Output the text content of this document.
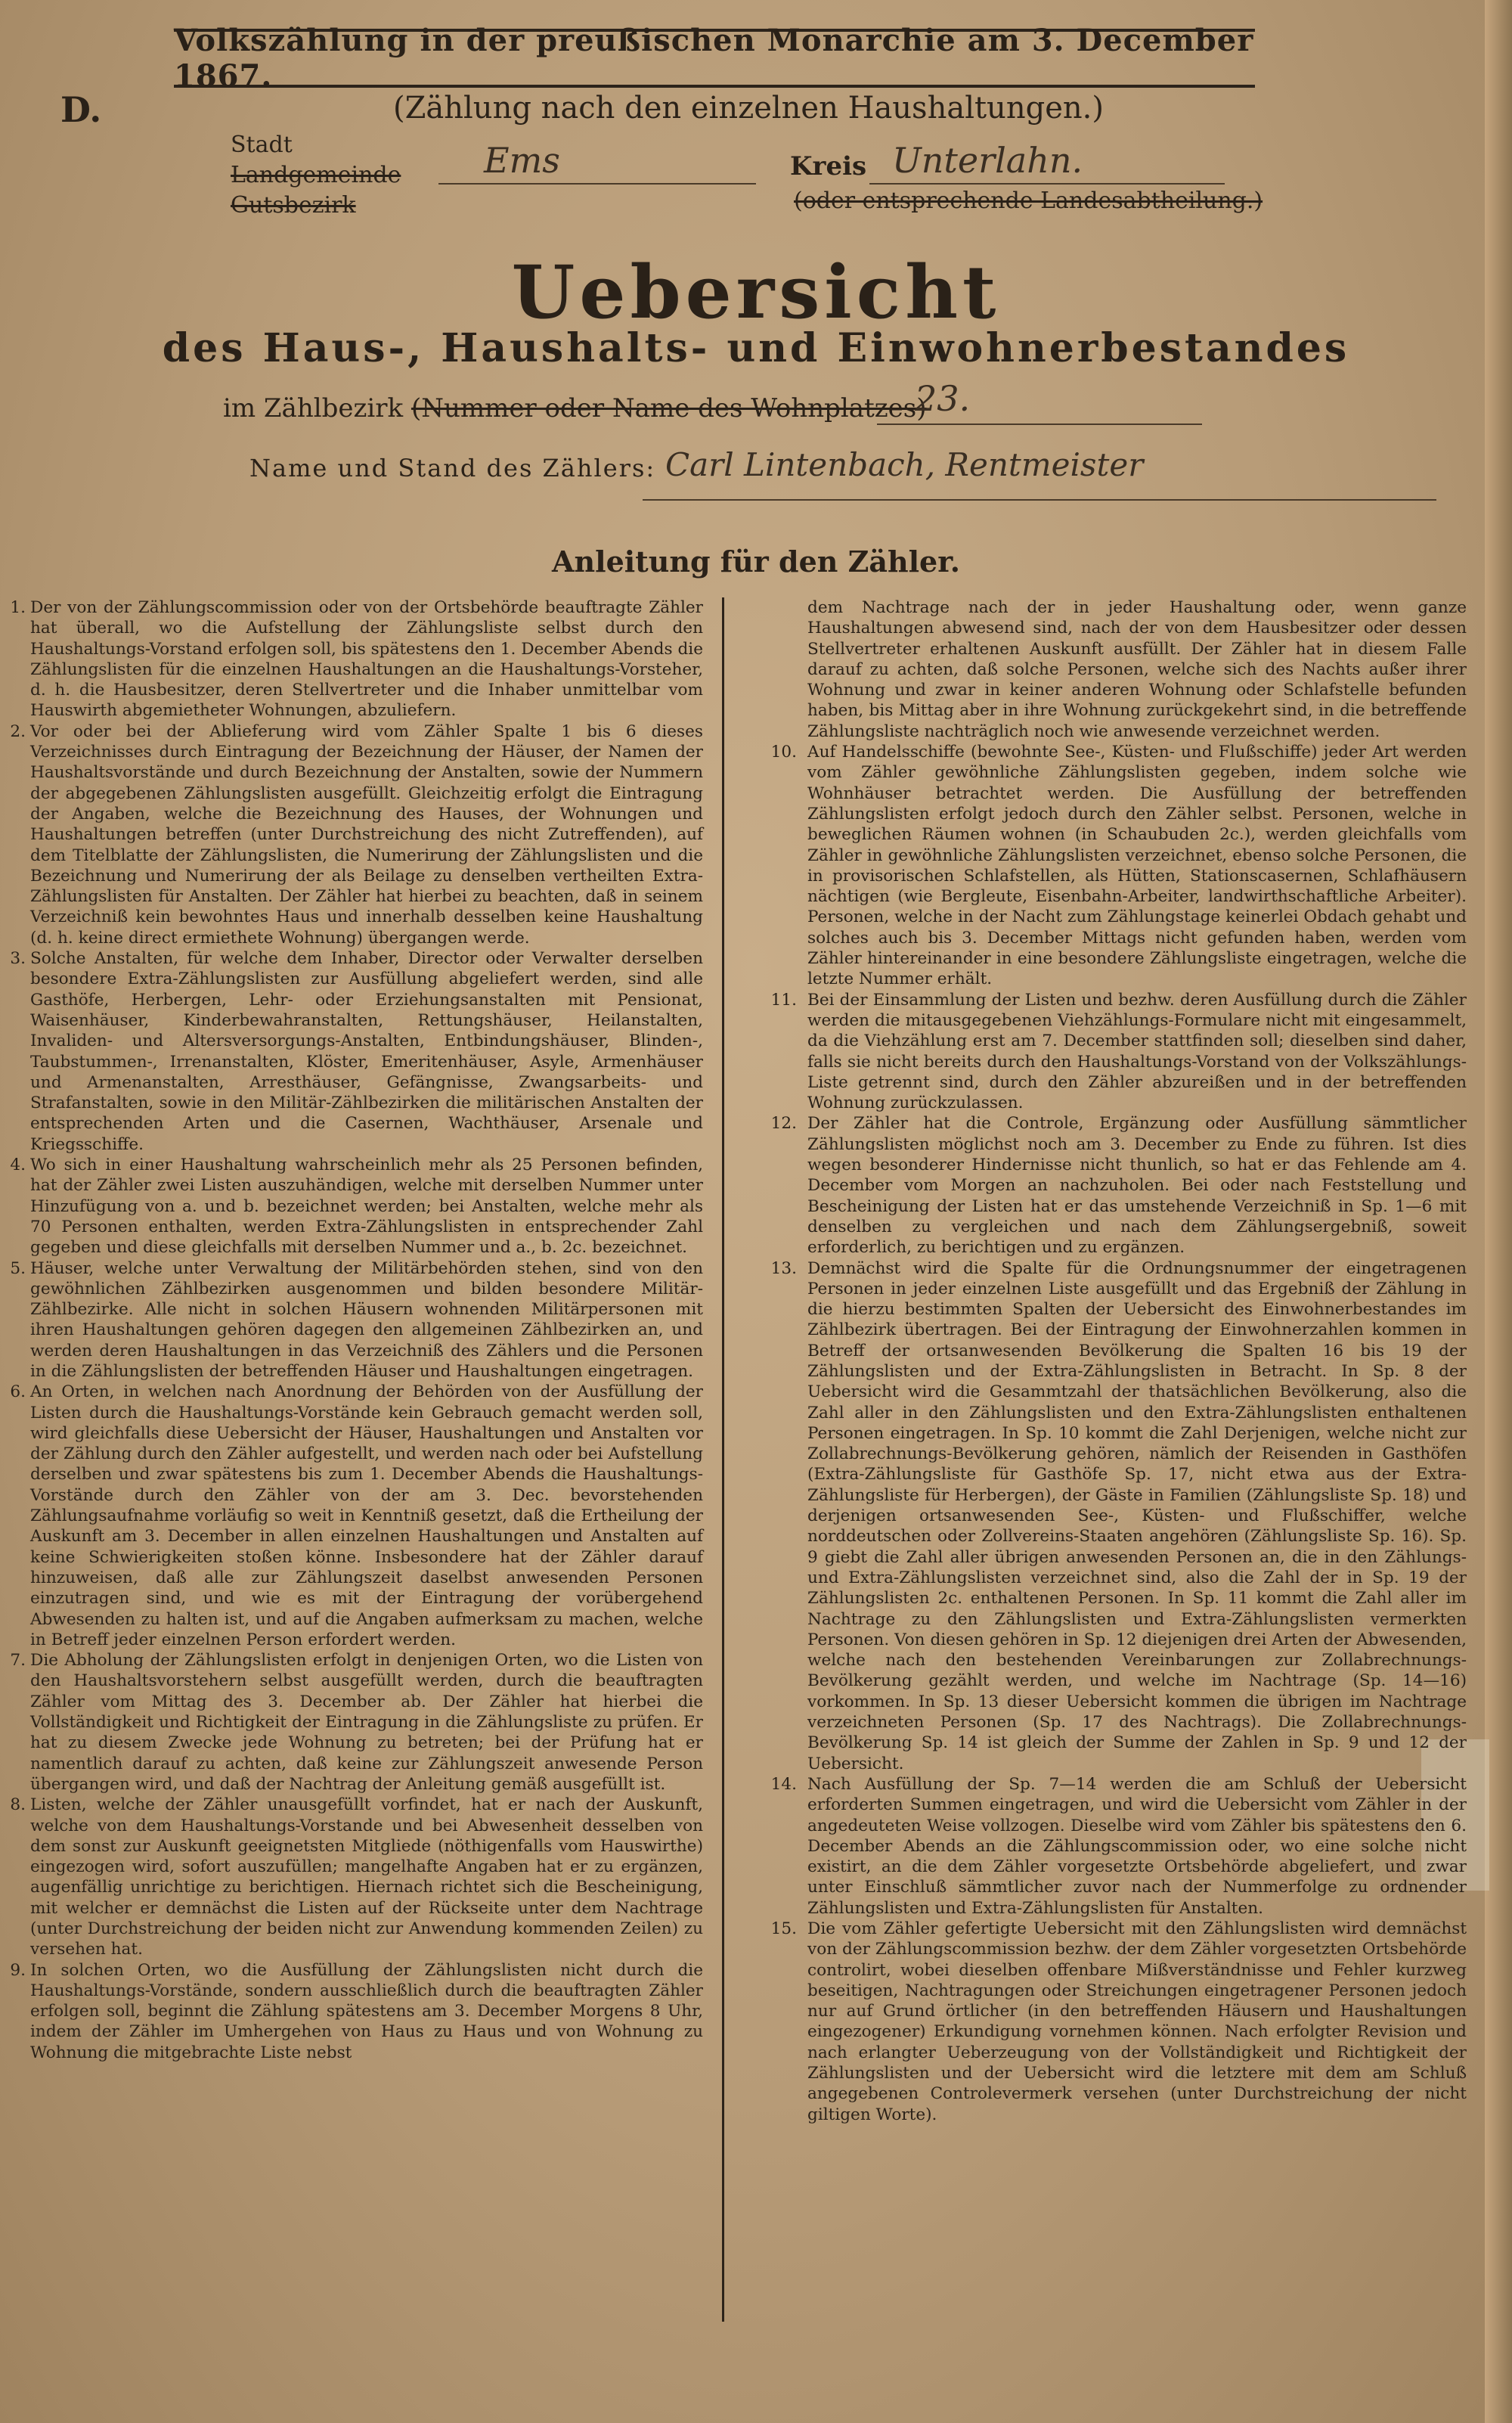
Volkszählung in der preußischen Monarchie am 3. December 1867.
D.	(Zählung nach den einzelnen Haushaltungen.)
Stadt
Landgemeinde
Gutsbezirk
Ems	Kreis Unterlahn.
(oder entsprechende Landesabtheilung.)
Uebersicht
des Haus-, Haushalts- und Einwohnerbestandes
im Zählbezirk (Nummer oder Name des Wohnplatzes)
23.
Name und Stand des Zählers: Carl Lintenbach, Rentmeister
Anleitung für den Zähler.
1. Der von der Zählungscommission oder von der Ortsbehörde beauftragte Zähler hat überall, wo die Aufstellung der Zählungsliste selbst durch den Haushaltungs-Vorstand erfolgen soll, bis spätestens den 1. December Abends die Zählungslisten für die einzelnen Haushaltungen an die Haushaltungs-Vorsteher, d. h. die Hausbesitzer, deren Stellvertreter und die Inhaber unmittelbar vom Hauswirth abgemietheter Wohnungen, abzuliefern.
2. Vor oder bei der Ablieferung wird vom Zähler Spalte 1 bis 6 dieses Verzeichnisses durch Eintragung der Bezeichnung der Häuser, der Namen der Haushaltsvorstände und durch Bezeichnung der Anstalten, sowie der Nummern der abgegebenen Zählungslisten ausgefüllt. Gleichzeitig erfolgt die Eintragung der Angaben, welche die Bezeichnung des Hauses, der Wohnungen und Haushaltungen betreffen (unter Durchstreichung des nicht Zutreffenden), auf dem Titelblatte der Zählungslisten, die Numerirung der Zählungslisten und die Bezeichnung und Numerirung der als Beilage zu denselben vertheilten Extra-Zählungslisten für Anstalten. Der Zähler hat hierbei zu beachten, daß in seinem Verzeichniß kein bewohntes Haus und innerhalb desselben keine Haushaltung (d. h. keine direct ermiethete Wohnung) übergangen werde.
3. Solche Anstalten, für welche dem Inhaber, Director oder Verwalter derselben besondere Extra-Zählungslisten zur Ausfüllung abgeliefert werden, sind alle Gasthöfe, Herbergen, Lehr- oder Erziehungsanstalten mit Pensionat, Waisenhäuser, Kinderbewahranstalten, Rettungshäuser, Heilanstalten, Invaliden- und Altersversorgungs-Anstalten, Entbindungshäuser, Blinden-, Taubstummen-, Irrenanstalten, Klöster, Emeritenhäuser, Asyle, Armenhäuser und Armenanstalten, Arresthäuser, Gefängnisse, Zwangsarbeits- und Strafanstalten, sowie in den Militär-Zählbezirken die militärischen Anstalten der entsprechenden Arten und die Casernen, Wachthäuser, Arsenale und Kriegsschiffe.
4. Wo sich in einer Haushaltung wahrscheinlich mehr als 25 Personen befinden, hat der Zähler zwei Listen auszuhändigen, welche mit derselben Nummer unter Hinzufügung von a. und b. bezeichnet werden; bei Anstalten, welche mehr als 70 Personen enthalten, werden Extra-Zählungslisten in entsprechender Zahl gegeben und diese gleichfalls mit derselben Nummer und a., b. 2c. bezeichnet.
5. Häuser, welche unter Verwaltung der Militärbehörden stehen, sind von den gewöhnlichen Zählbezirken ausgenommen und bilden besondere Militär-Zählbezirke. Alle nicht in solchen Häusern wohnenden Militärpersonen mit ihren Haushaltungen gehören dagegen den allgemeinen Zählbezirken an, und werden deren Haushaltungen in das Verzeichniß des Zählers und die Personen in die Zählungslisten der betreffenden Häuser und Haushaltungen eingetragen.
6. An Orten, in welchen nach Anordnung der Behörden von der Ausfüllung der Listen durch die Haushaltungs-Vorstände kein Gebrauch gemacht werden soll, wird gleichfalls diese Uebersicht der Häuser, Haushaltungen und Anstalten vor der Zählung durch den Zähler aufgestellt, und werden nach oder bei Aufstellung derselben und zwar spätestens bis zum 1. December Abends die Haushaltungs-Vorstände durch den Zähler von der am 3. Dec. bevorstehenden Zählungsaufnahme vorläufig so weit in Kenntniß gesetzt, daß die Ertheilung der Auskunft am 3. December in allen einzelnen Haushaltungen und Anstalten auf keine Schwierigkeiten stoßen könne. Insbesondere hat der Zähler darauf hinzuweisen, daß alle zur Zählungszeit daselbst anwesenden Personen einzutragen sind, und wie es mit der Eintragung der vorübergehend Abwesenden zu halten ist, und auf die Angaben aufmerksam zu machen, welche in Betreff jeder einzelnen Person erfordert werden.
7. Die Abholung der Zählungslisten erfolgt in denjenigen Orten, wo die Listen von den Haushaltsvorstehern selbst ausgefüllt werden, durch die beauftragten Zähler vom Mittag des 3. December ab. Der Zähler hat hierbei die Vollständigkeit und Richtigkeit der Eintragung in die Zählungsliste zu prüfen. Er hat zu diesem Zwecke jede Wohnung zu betreten; bei der Prüfung hat er namentlich darauf zu achten, daß keine zur Zählungszeit anwesende Person übergangen wird, und daß der Nachtrag der Anleitung gemäß ausgefüllt ist.
8. Listen, welche der Zähler unausgefüllt vorfindet, hat er nach der Auskunft, welche von dem Haushaltungs-Vorstande und bei Abwesenheit desselben von dem sonst zur Auskunft geeignetsten Mitgliede (nöthigenfalls vom Hauswirthe) eingezogen wird, sofort auszufüllen; mangelhafte Angaben hat er zu ergänzen, augenfällig unrichtige zu berichtigen. Hiernach richtet sich die Bescheinigung, mit welcher er demnächst die Listen auf der Rückseite unter dem Nachtrage (unter Durchstreichung der beiden nicht zur Anwendung kommenden Zeilen) zu versehen hat.
9. In solchen Orten, wo die Ausfüllung der Zählungslisten nicht durch die Haushaltungs-Vorstände, sondern ausschließlich durch die beauftragten Zähler erfolgen soll, beginnt die Zählung spätestens am 3. December Morgens 8 Uhr, indem der Zähler im Umhergehen von Haus zu Haus und von Wohnung zu Wohnung die mitgebrachte Liste nebst
dem Nachtrage nach der in jeder Haushaltung oder, wenn ganze Haushaltungen abwesend sind, nach der von dem Hausbesitzer oder dessen Stellvertreter erhaltenen Auskunft ausfüllt. Der Zähler hat in diesem Falle darauf zu achten, daß solche Personen, welche sich des Nachts außer ihrer Wohnung und zwar in keiner anderen Wohnung oder Schlafstelle befunden haben, bis Mittag aber in ihre Wohnung zurückgekehrt sind, in die betreffende Zählungsliste nachträglich noch wie anwesende verzeichnet werden.
10. Auf Handelsschiffe (bewohnte See-, Küsten- und Flußschiffe) jeder Art werden vom Zähler gewöhnliche Zählungslisten gegeben, indem solche wie Wohnhäuser betrachtet werden. Die Ausfüllung der betreffenden Zählungslisten erfolgt jedoch durch den Zähler selbst. Personen, welche in beweglichen Räumen wohnen (in Schaubuden 2c.), werden gleichfalls vom Zähler in gewöhnliche Zählungslisten verzeichnet, ebenso solche Personen, die in provisorischen Schlafstellen, als Hütten, Stationscasernen, Schlafhäusern nächtigen (wie Bergleute, Eisenbahn-Arbeiter, landwirthschaftliche Arbeiter). Personen, welche in der Nacht zum Zählungstage keinerlei Obdach gehabt und solches auch bis 3. December Mittags nicht gefunden haben, werden vom Zähler hintereinander in eine besondere Zählungsliste eingetragen, welche die letzte Nummer erhält.
11. Bei der Einsammlung der Listen und bezhw. deren Ausfüllung durch die Zähler werden die mitausgegebenen Viehzählungs-Formulare nicht mit eingesammelt, da die Viehzählung erst am 7. December stattfinden soll; dieselben sind daher, falls sie nicht bereits durch den Haushaltungs-Vorstand von der Volkszählungs-Liste getrennt sind, durch den Zähler abzureißen und in der betreffenden Wohnung zurückzulassen.
12. Der Zähler hat die Controle, Ergänzung oder Ausfüllung sämmtlicher Zählungslisten möglichst noch am 3. December zu Ende zu führen. Ist dies wegen besonderer Hindernisse nicht thunlich, so hat er das Fehlende am 4. December vom Morgen an nachzuholen. Bei oder nach Feststellung und Bescheinigung der Listen hat er das umstehende Verzeichniß in Sp. 1—6 mit denselben zu vergleichen und nach dem Zählungsergebniß, soweit erforderlich, zu berichtigen und zu ergänzen.
13. Demnächst wird die Spalte für die Ordnungsnummer der eingetragenen Personen in jeder einzelnen Liste ausgefüllt und das Ergebniß der Zählung in die hierzu bestimmten Spalten der Uebersicht des Einwohnerbestandes im Zählbezirk übertragen. Bei der Eintragung der Einwohnerzahlen kommen in Betreff der ortsanwesenden Bevölkerung die Spalten 16 bis 19 der Zählungslisten und der Extra-Zählungslisten in Betracht. In Sp. 8 der Uebersicht wird die Gesammtzahl der thatsächlichen Bevölkerung, also die Zahl aller in den Zählungslisten und den Extra-Zählungslisten enthaltenen Personen eingetragen. In Sp. 10 kommt die Zahl Derjenigen, welche nicht zur Zollabrechnungs-Bevölkerung gehören, nämlich der Reisenden in Gasthöfen (Extra-Zählungsliste für Gasthöfe Sp. 17, nicht etwa aus der Extra-Zählungsliste für Herbergen), der Gäste in Familien (Zählungsliste Sp. 18) und derjenigen ortsanwesenden See-, Küsten- und Flußschiffer, welche norddeutschen oder Zollvereins-Staaten angehören (Zählungsliste Sp. 16). Sp. 9 giebt die Zahl aller übrigen anwesenden Personen an, die in den Zählungs- und Extra-Zählungslisten verzeichnet sind, also die Zahl der in Sp. 19 der Zählungslisten 2c. enthaltenen Personen. In Sp. 11 kommt die Zahl aller im Nachtrage zu den Zählungslisten und Extra-Zählungslisten vermerkten Personen. Von diesen gehören in Sp. 12 diejenigen drei Arten der Abwesenden, welche nach den bestehenden Vereinbarungen zur Zollabrechnungs-Bevölkerung gezählt werden, und welche im Nachtrage (Sp. 14—16) vorkommen. In Sp. 13 dieser Uebersicht kommen die übrigen im Nachtrage verzeichneten Personen (Sp. 17 des Nachtrags). Die Zollabrechnungs-Bevölkerung Sp. 14 ist gleich der Summe der Zahlen in Sp. 9 und 12 der Uebersicht.
14. Nach Ausfüllung der Sp. 7—14 werden die am Schluß der Uebersicht erforderten Summen eingetragen, und wird die Uebersicht vom Zähler in der angedeuteten Weise vollzogen. Dieselbe wird vom Zähler bis spätestens den 6. December Abends an die Zählungscommission oder, wo eine solche nicht existirt, an die dem Zähler vorgesetzte Ortsbehörde abgeliefert, und zwar unter Einschluß sämmtlicher zuvor nach der Nummerfolge zu ordnender Zählungslisten und Extra-Zählungslisten für Anstalten.
15. Die vom Zähler gefertigte Uebersicht mit den Zählungslisten wird demnächst von der Zählungscommission bezhw. der dem Zähler vorgesetzten Ortsbehörde controlirt, wobei dieselben offenbare Mißverständnisse und Fehler kurzweg beseitigen, Nachtragungen oder Streichungen eingetragener Personen jedoch nur auf Grund örtlicher (in den betreffenden Häusern und Haushaltungen eingezogener) Erkundigung vornehmen können. Nach erfolgter Revision und nach erlangter Ueberzeugung von der Vollständigkeit und Richtigkeit der Zählungslisten und der Uebersicht wird die letztere mit dem am Schluß angegebenen Controlevermerk versehen (unter Durchstreichung der nicht giltigen Worte).
